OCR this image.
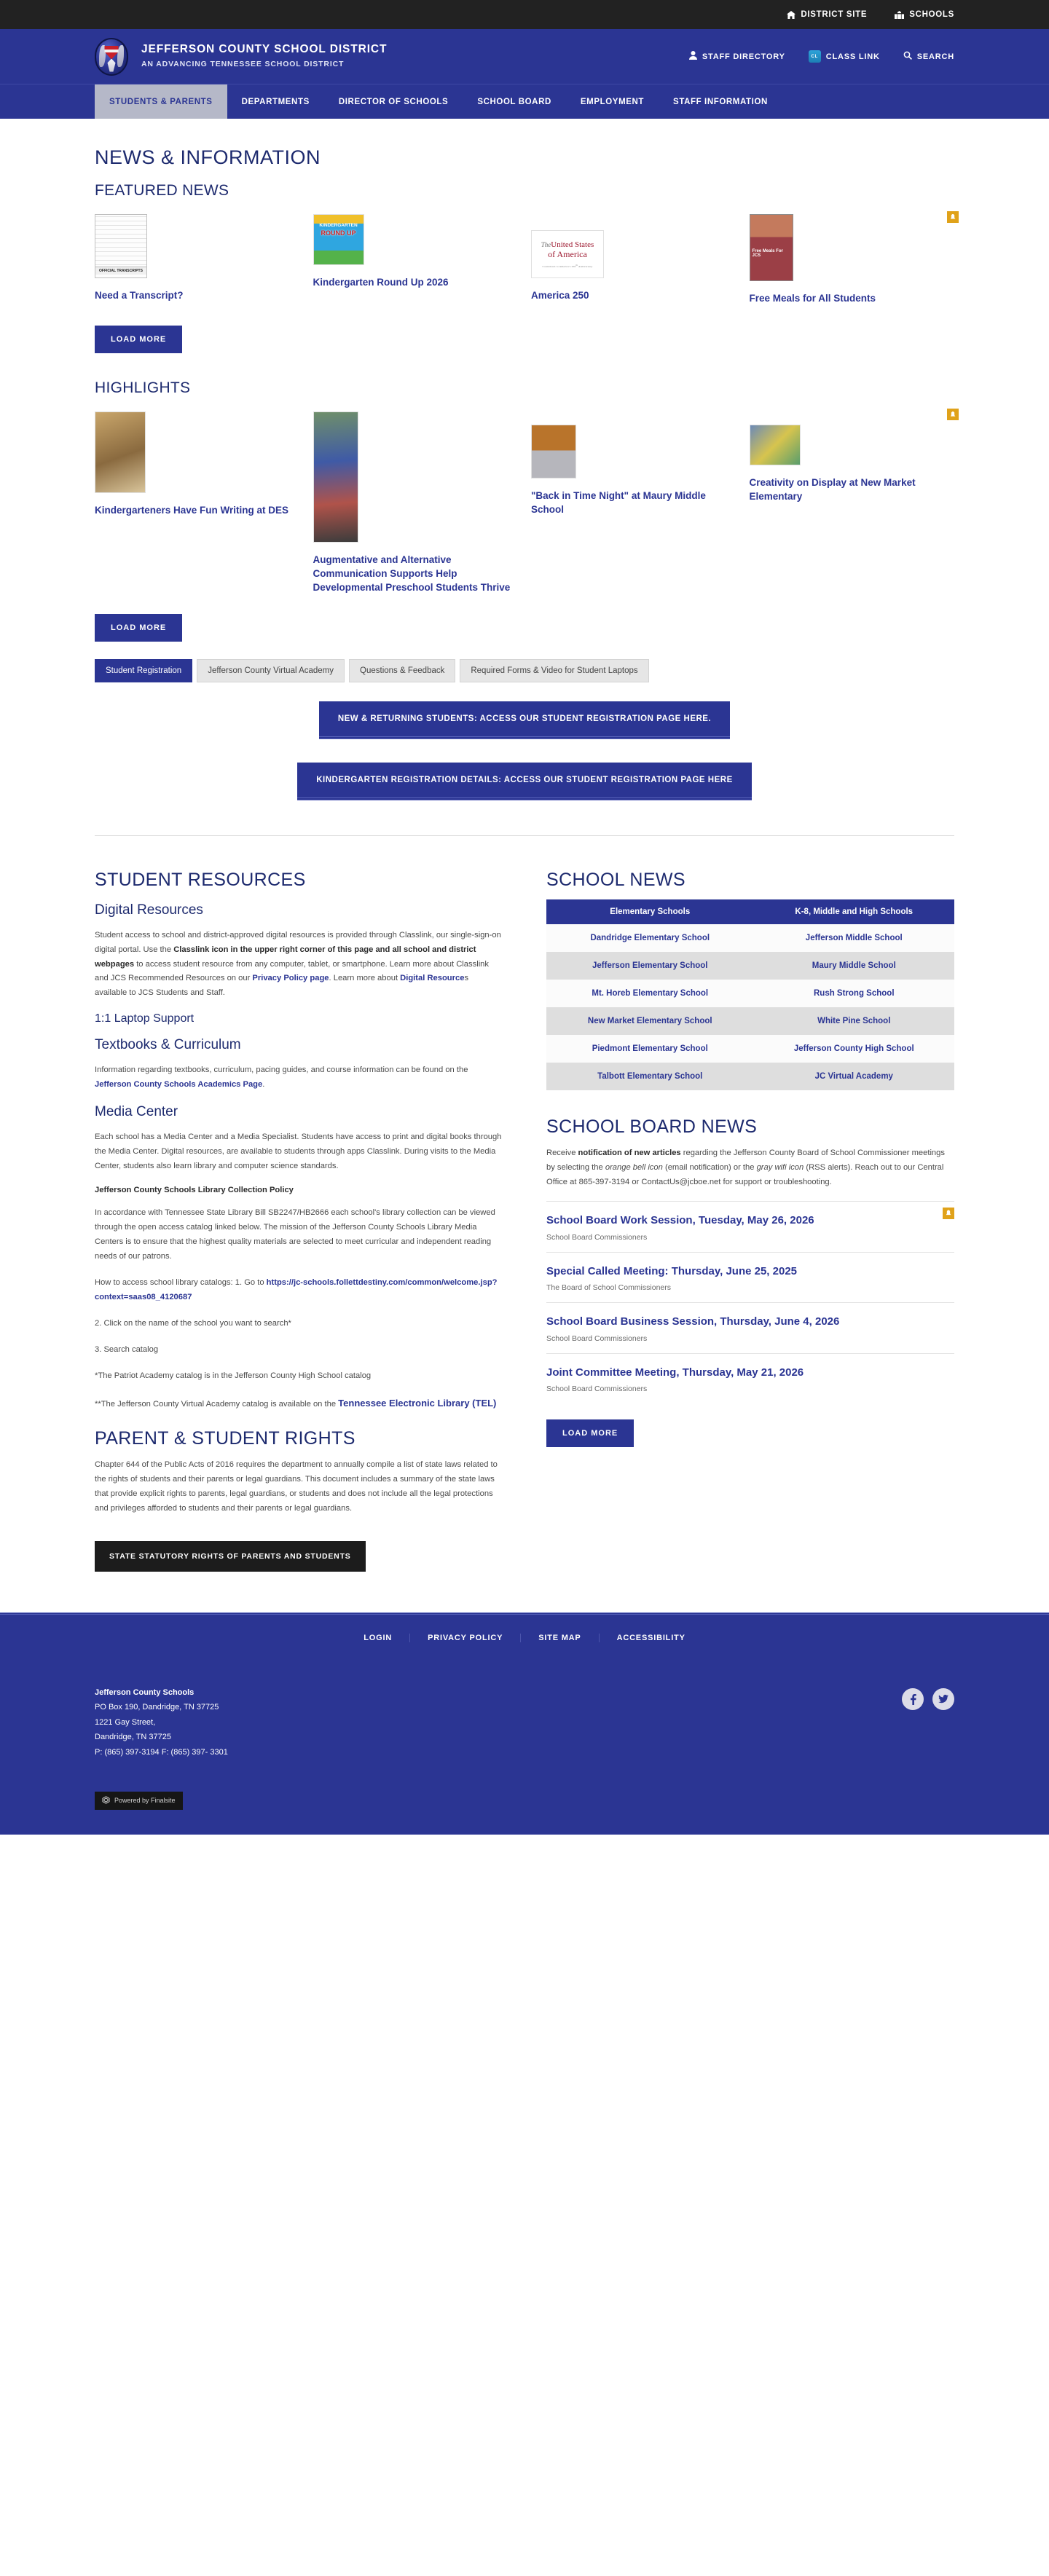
DISTRICT SITE	SCHOOLS
JEFFERSON COUNTY SCHOOL DISTRICT
AN ADVANCING TENNESSEE SCHOOL DISTRICT
STAFF DIRECTORY	CL CLASS LINK	SEARCH
STUDENTS & PARENTS	DEPARTMENTS	DIRECTOR OF SCHOOLS	SCHOOL BOARD	EMPLOYMENT	STAFF INFORMATION
NEWS & INFORMATION
FEATURED NEWS
OFFICIAL TRANSCRIPTS
Need a Transcript?
KINDERGARTEN ROUND UP
Kindergarten Round Up 2026
TheUnited States
of America
Countdown to America's 250th Anniversary
America 250
Free Meals For JCS	Free Meals for All Students
LOAD MORE
HIGHLIGHTS
Kindergarteners Have Fun Writing at DES
Augmentative and Alternative Communication Supports Help Developmental Preschool Students Thrive
"Back in Time Night" at Maury Middle School
Creativity on Display at New Market Elementary
LOAD MORE
Student Registration	Jefferson County Virtual Academy	Questions & Feedback	Required Forms & Video for Student Laptops
NEW & RETURNING STUDENTS: ACCESS OUR STUDENT REGISTRATION PAGE HERE.
KINDERGARTEN REGISTRATION DETAILS: ACCESS OUR STUDENT REGISTRATION PAGE HERE
STUDENT RESOURCES
Digital Resources

Student access to school and district-approved digital resources is provided through Classlink, our single-sign-on digital portal. Use the Classlink icon in the upper right corner of this page and all school and district webpages to access student resource from any computer, tablet, or smartphone. Learn more about Classlink and JCS Recommended Resources on our Privacy Policy page. Learn more about Digital Resources available to JCS Students and Staff.

1:1 Laptop Support
Textbooks & Curriculum

Information regarding textbooks, curriculum, pacing guides, and course information can be found on the Jefferson County Schools Academics Page.

Media Center

Each school has a Media Center and a Media Specialist. Students have access to print and digital books through the Media Center. Digital resources, are available to students through apps Classlink. During visits to the Media Center, students also learn library and computer science standards.

Jefferson County Schools Library Collection Policy

In accordance with Tennessee State Library Bill SB2247/HB2666 each school's library collection can be viewed through the open access catalog linked below. The mission of the Jefferson County Schools Library Media Centers is to ensure that the highest quality materials are selected to meet curricular and independent reading needs of our patrons.

How to access school library catalogs: 1. Go to https://jc-schools.follettdestiny.com/common/welcome.jsp?context=saas08_4120687

2. Click on the name of the school you want to search*

3. Search catalog

*The Patriot Academy catalog is in the Jefferson County High School catalog

**The Jefferson County Virtual Academy catalog is available on the Tennessee Electronic Library (TEL)

PARENT & STUDENT RIGHTS

Chapter 644 of the Public Acts of 2016 requires the department to annually compile a list of state laws related to the rights of students and their parents or legal guardians. This document includes a summary of the state laws that provide explicit rights to parents, legal guardians, or students and does not include all the legal protections and privileges afforded to students and their parents or legal guardians.

STATE STATUTORY RIGHTS OF PARENTS AND STUDENTS
SCHOOL NEWS
Elementary Schools	K-8, Middle and High Schools
Dandridge Elementary School	Jefferson Middle School
Jefferson Elementary School	Maury Middle School
Mt. Horeb Elementary School	Rush Strong School
New Market Elementary School	White Pine School
Piedmont Elementary School	Jefferson County High School
Talbott Elementary School	JC Virtual Academy
SCHOOL BOARD NEWS

Receive notification of new articles regarding the Jefferson County Board of School Commissioner meetings by selecting the orange bell icon (email notification) or the gray wifi icon (RSS alerts). Reach out to our Central Office at 865-397-3194 or ContactUs@jcboe.net for support or troubleshooting.

School Board Work Session, Tuesday, May 26, 2026
School Board Commissioners
Special Called Meeting: Thursday, June 25, 2025
The Board of School Commissioners
School Board Business Session, Thursday, June 4, 2026
School Board Commissioners
Joint Committee Meeting, Thursday, May 21, 2026
School Board Commissioners
LOAD MORE
LOGIN	PRIVACY POLICY	SITE MAP	ACCESSIBILITY
Jefferson County Schools
PO Box 190, Dandridge, TN 37725
1221 Gay Street,
Dandridge, TN 37725
P: (865) 397-3194 F: (865) 397- 3301
Powered by Finalsite
